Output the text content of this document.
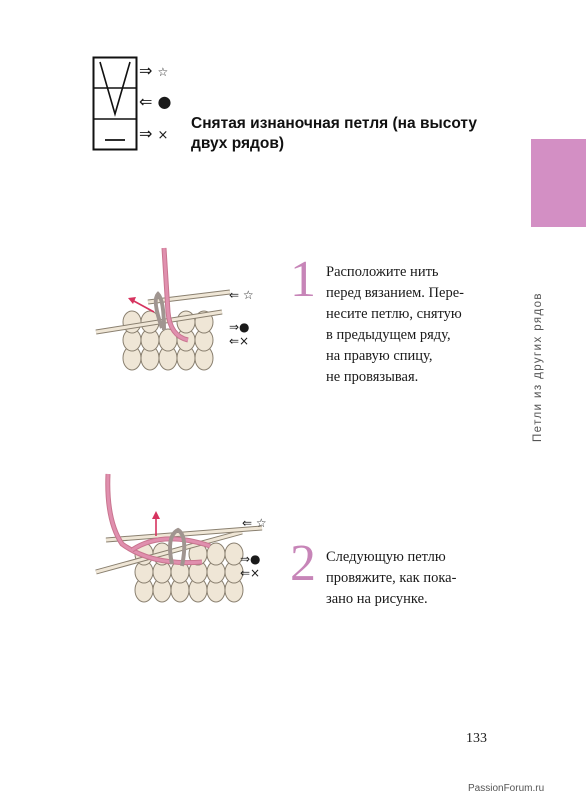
⇒ ☆
⇐ ●
⇒ ×
Снятая изнаночная петля (на высоту двух рядов)
Петли из других рядов
⇐ ☆
⇒●
⇐×
1 Расположите нить
перед вязанием. Пере-
несите петлю, снятую
в предыдущем ряду,
на правую спицу,
не провязывая.
⇐ ☆
⇒●
⇐× 2 Следующую петлю
провяжите, как пока-
зано на рисунке.
133
PassionForum.ru
